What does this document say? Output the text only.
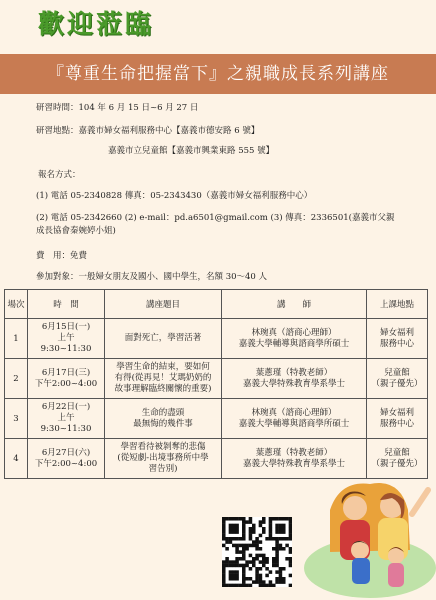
歡迎蒞臨
『尊重生命把握當下』之親職成長系列講座
研習時間：104 年 6 月 15 日~6 月 27 日
研習地點：嘉義市婦女福利服務中心【嘉義市德安路 6 號】
嘉義市立兒童館【嘉義市興業東路 555 號】
報名方式：
(1) 電話 05-2340828 傳真：05-2343430（嘉義市婦女福利服務中心）
(2) 電話 05-2342660 (2) e-mail：pd.a6501@gmail.com (3) 傳真：2336501(嘉義市父親
成長協會秦婉婷小姐)
費　用：免費
參加對象：一般婦女朋友及國小、國中學生，名額 30～40 人
場次	時　間	講座題目	講　　師	上課地點
1	6月15日(一)
上午
9:30~11:30	面對死亡，學習活著	林琬真（諮商心理師）
嘉義大學輔導與諮商學所碩士	婦女福利
服務中心

2	6月17日(三)
下午2:00~4:00	學習生命的結束，要如何
有得(從再見！艾瑪奶奶的
故事理解臨終關懷的重要)	葉蔥瑾（特教老師）
嘉義大學特殊教育學系學士	兒童館
（親子優先）

3	6月22日(一)
上午
9:30~11:30	生命的盡頭
最無悔的幾件事	林琬真（諮商心理師）
嘉義大學輔導與諮商學所碩士	婦女福利
服務中心

4	6月27日(六)
下午2:00~4:00	學習看待被剝奪的悲傷
(從短劇-出境事務所中學
習告別)	葉蔥瑾（特教老師）
嘉義大學特殊教育學系學士	兒童館
（親子優先）
